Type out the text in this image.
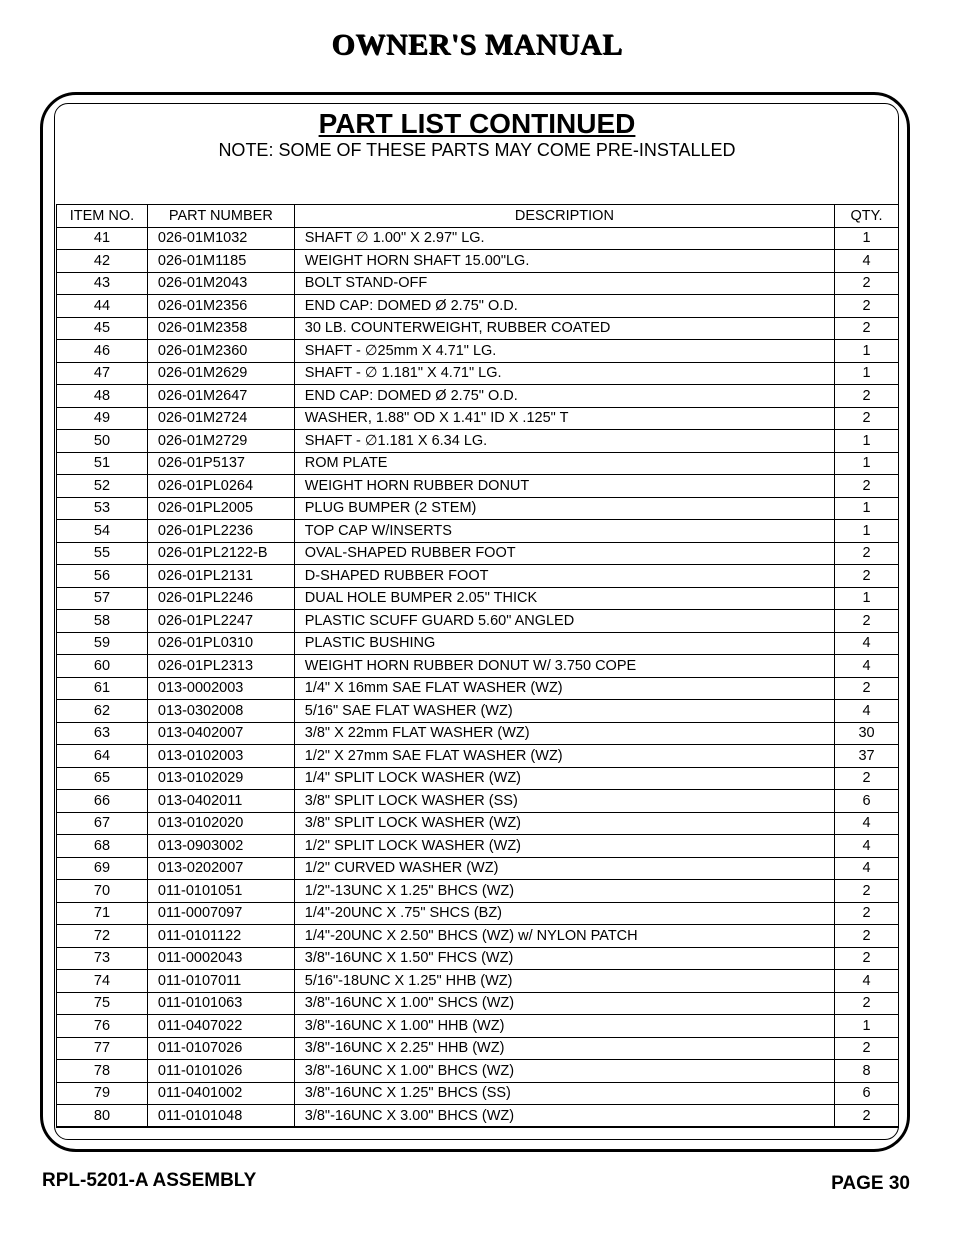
OWNER'S MANUAL
PART LIST CONTINUED
NOTE: SOME OF THESE PARTS MAY COME PRE-INSTALLED
ITEM NO.	PART NUMBER	DESCRIPTION	QTY.
41	026-01M1032	SHAFT ∅ 1.00" X 2.97" LG.	1
42	026-01M1185	WEIGHT HORN SHAFT 15.00"LG.	4
43	026-01M2043	BOLT STAND-OFF	2
44	026-01M2356	END CAP: DOMED Ø 2.75" O.D.	2
45	026-01M2358	30 LB. COUNTERWEIGHT, RUBBER COATED	2
46	026-01M2360	SHAFT - ∅25mm X 4.71" LG.	1
47	026-01M2629	SHAFT - ∅ 1.181" X 4.71" LG.	1
48	026-01M2647	END CAP: DOMED Ø 2.75" O.D.	2
49	026-01M2724	WASHER, 1.88" OD X 1.41" ID X .125" T	2
50	026-01M2729	SHAFT - ∅1.181 X 6.34 LG.	1
51	026-01P5137	ROM PLATE	1
52	026-01PL0264	WEIGHT HORN RUBBER DONUT	2
53	026-01PL2005	PLUG BUMPER (2 STEM)	1
54	026-01PL2236	TOP CAP W/INSERTS	1
55	026-01PL2122-B	OVAL-SHAPED RUBBER FOOT	2
56	026-01PL2131	D-SHAPED RUBBER FOOT	2
57	026-01PL2246	DUAL HOLE BUMPER 2.05" THICK	1
58	026-01PL2247	PLASTIC SCUFF GUARD 5.60" ANGLED	2
59	026-01PL0310	PLASTIC BUSHING	4
60	026-01PL2313	WEIGHT HORN RUBBER DONUT W/ 3.750 COPE	4
61	013-0002003	1/4" X 16mm SAE FLAT WASHER (WZ)	2
62	013-0302008	5/16" SAE FLAT WASHER (WZ)	4
63	013-0402007	3/8" X 22mm FLAT WASHER (WZ)	30
64	013-0102003	1/2" X 27mm SAE FLAT WASHER (WZ)	37
65	013-0102029	1/4" SPLIT LOCK WASHER (WZ)	2
66	013-0402011	3/8" SPLIT LOCK WASHER (SS)	6
67	013-0102020	3/8" SPLIT LOCK WASHER (WZ)	4
68	013-0903002	1/2" SPLIT LOCK WASHER (WZ)	4
69	013-0202007	1/2" CURVED WASHER (WZ)	4
70	011-0101051	1/2"-13UNC X 1.25" BHCS (WZ)	2
71	011-0007097	1/4"-20UNC X .75" SHCS (BZ)	2
72	011-0101122	1/4"-20UNC X 2.50" BHCS (WZ) w/ NYLON PATCH	2
73	011-0002043	3/8"-16UNC X 1.50" FHCS (WZ)	2
74	011-0107011	5/16"-18UNC X 1.25" HHB (WZ)	4
75	011-0101063	3/8"-16UNC X 1.00" SHCS (WZ)	2
76	011-0407022	3/8"-16UNC X 1.00" HHB (WZ)	1
77	011-0107026	3/8"-16UNC X 2.25" HHB (WZ)	2
78	011-0101026	3/8"-16UNC X 1.00" BHCS (WZ)	8
79	011-0401002	3/8"-16UNC X 1.25" BHCS (SS)	6
80	011-0101048	3/8"-16UNC X 3.00" BHCS (WZ)	2
RPL-5201-A ASSEMBLY	PAGE 30
